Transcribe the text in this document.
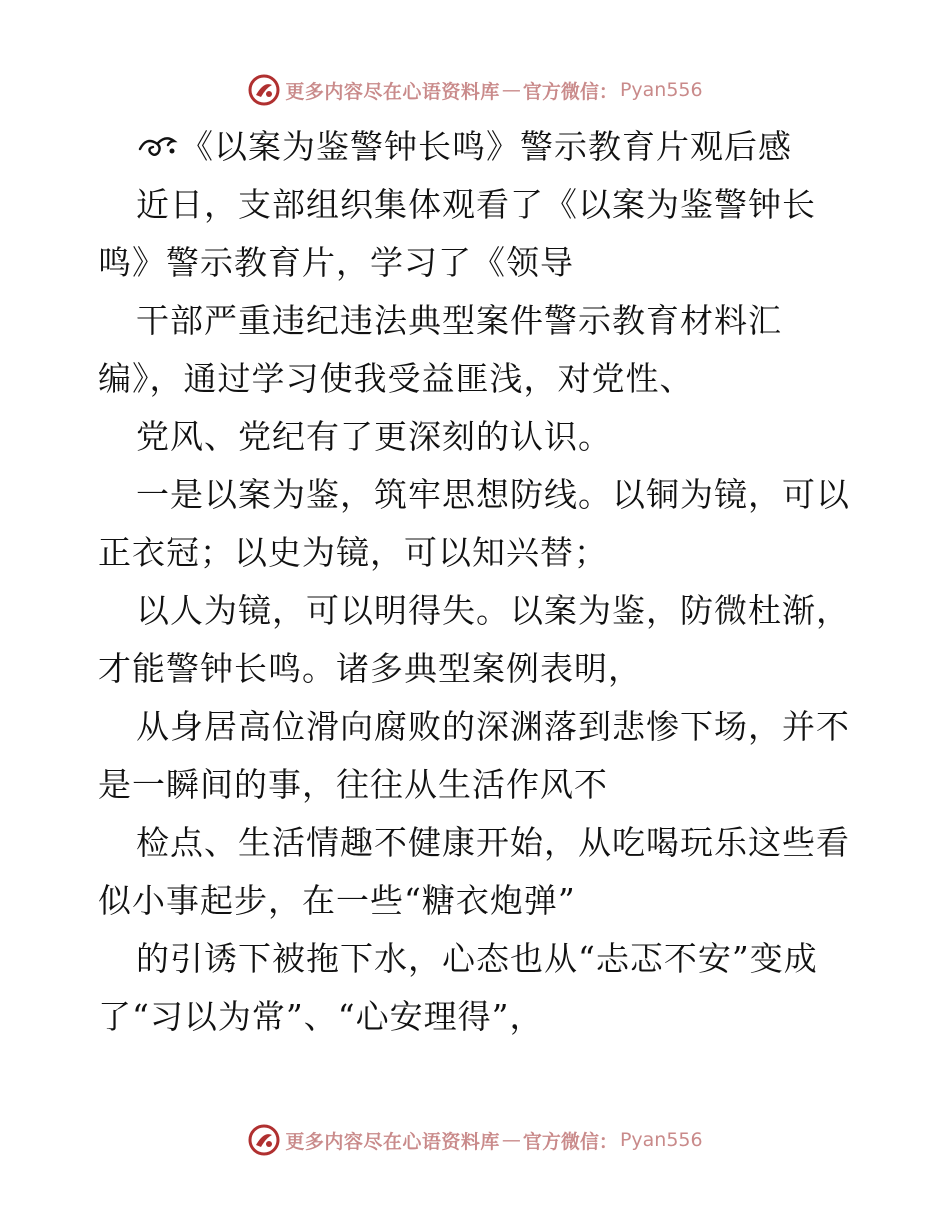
更多内容尽在心语资料库 — 官方微信： Pyan556
《以案为鉴警钟长鸣》警示教育片观后感
近日，支部组织集体观看了《以案为鉴警钟长
鸣》警示教育片，学习了《领导
干部严重违纪违法典型案件警示教育材料汇
编》，通过学习使我受益匪浅，对党性、
党风、党纪有了更深刻的认识。
一是以案为鉴，筑牢思想防线。以铜为镜，可以
正衣冠；以史为镜，可以知兴替；
以人为镜，可以明得失。以案为鉴，防微杜渐，
才能警钟长鸣。诸多典型案例表明，
从身居高位滑向腐败的深渊落到悲惨下场，并不
是一瞬间的事，往往从生活作风不
检点、生活情趣不健康开始，从吃喝玩乐这些看
似小事起步，在一些“糖衣炮弹”
的引诱下被拖下水，心态也从“忐忑不安”变成
了“习以为常”、“心安理得”，
更多内容尽在心语资料库 — 官方微信： Pyan556
